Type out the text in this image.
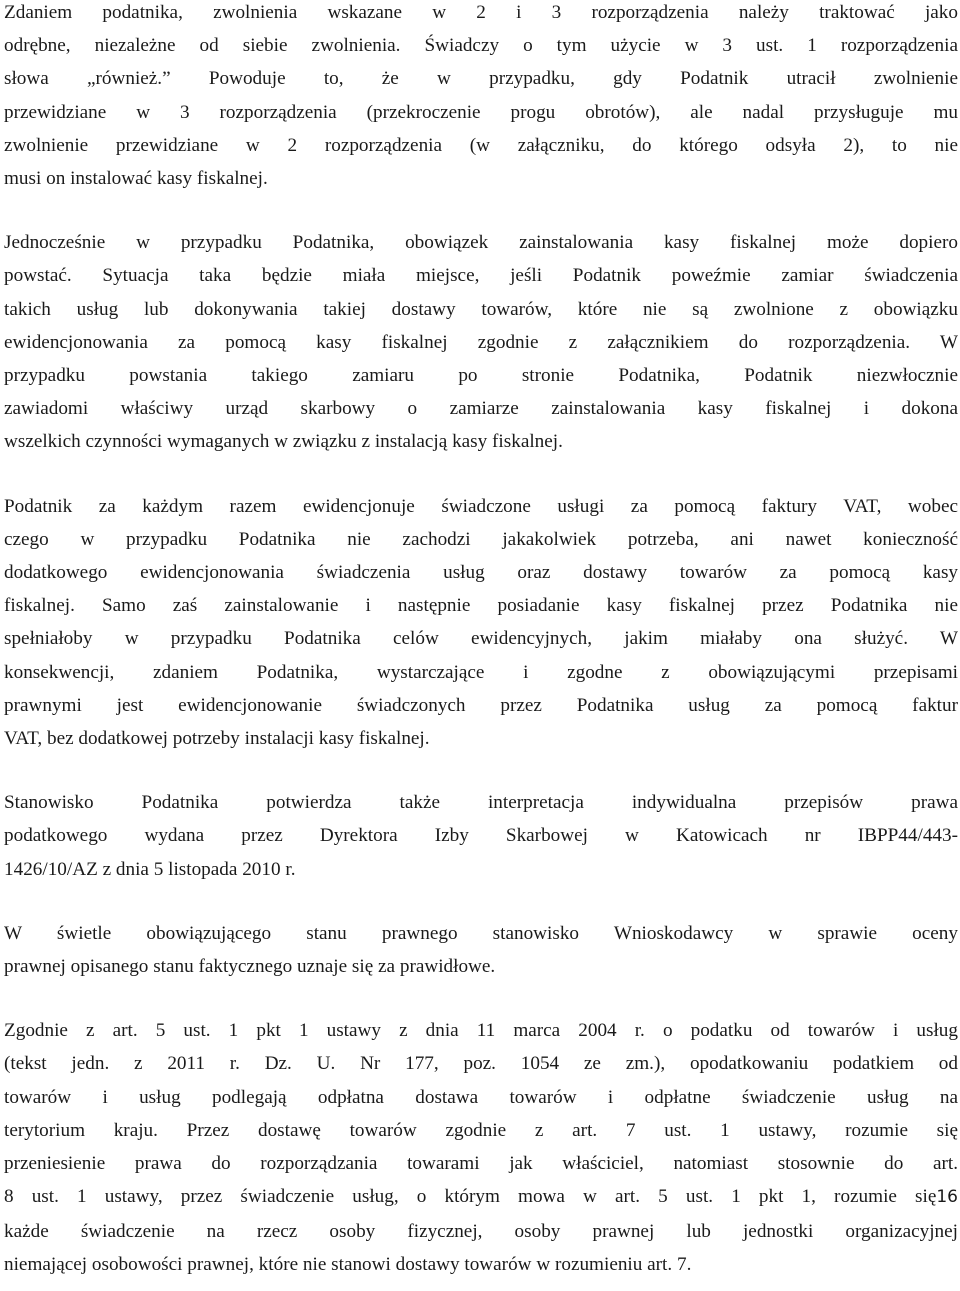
Zdaniem podatnika, zwolnienia wskazane w 2 i 3 rozporządzenia należy traktować jako
odrębne, niezależne od siebie zwolnienia. Świadczy o tym użycie w 3 ust. 1 rozporządzenia
słowa „również.” Powoduje to, że w przypadku, gdy Podatnik utracił zwolnienie
przewidziane w 3 rozporządzenia (przekroczenie progu obrotów), ale nadal przysługuje mu
zwolnienie przewidziane w 2 rozporządzenia (w załączniku, do którego odsyła 2), to nie
musi on instalować kasy fiskalnej.

Jednocześnie w przypadku Podatnika, obowiązek zainstalowania kasy fiskalnej może dopiero
powstać. Sytuacja taka będzie miała miejsce, jeśli Podatnik poweźmie zamiar świadczenia
takich usług lub dokonywania takiej dostawy towarów, które nie są zwolnione z obowiązku
ewidencjonowania za pomocą kasy fiskalnej zgodnie z załącznikiem do rozporządzenia. W
przypadku powstania takiego zamiaru po stronie Podatnika, Podatnik niezwłocznie
zawiadomi właściwy urząd skarbowy o zamiarze zainstalowania kasy fiskalnej i dokona
wszelkich czynności wymaganych w związku z instalacją kasy fiskalnej.

Podatnik za każdym razem ewidencjonuje świadczone usługi za pomocą faktury VAT, wobec
czego w przypadku Podatnika nie zachodzi jakakolwiek potrzeba, ani nawet konieczność
dodatkowego ewidencjonowania świadczenia usług oraz dostawy towarów za pomocą kasy
fiskalnej. Samo zaś zainstalowanie i następnie posiadanie kasy fiskalnej przez Podatnika nie
spełniałoby w przypadku Podatnika celów ewidencyjnych, jakim miałaby ona służyć. W
konsekwencji, zdaniem Podatnika, wystarczające i zgodne z obowiązującymi przepisami
prawnymi jest ewidencjonowanie świadczonych przez Podatnika usług za pomocą faktur
VAT, bez dodatkowej potrzeby instalacji kasy fiskalnej.

Stanowisko Podatnika potwierdza także interpretacja indywidualna przepisów prawa
podatkowego wydana przez Dyrektora Izby Skarbowej w Katowicach nr IBPP44/443-
1426/10/AZ z dnia 5 listopada 2010 r.

W świetle obowiązującego stanu prawnego stanowisko Wnioskodawcy w sprawie oceny
prawnej opisanego stanu faktycznego uznaje się za prawidłowe.

Zgodnie z art. 5 ust. 1 pkt 1 ustawy z dnia 11 marca 2004 r. o podatku od towarów i usług
(tekst jedn. z 2011 r. Dz. U. Nr 177, poz. 1054 ze zm.), opodatkowaniu podatkiem od
towarów i usług podlegają odpłatna dostawa towarów i odpłatne świadczenie usług na
terytorium kraju. Przez dostawę towarów zgodnie z art. 7 ust. 1 ustawy, rozumie się
przeniesienie prawa do rozporządzania towarami jak właściciel, natomiast stosownie do art.
8 ust. 1 ustawy, przez świadczenie usług, o którym mowa w art. 5 ust. 1 pkt 1, rozumie się16
każde świadczenie na rzecz osoby fizycznej, osoby prawnej lub jednostki organizacyjnej
niemającej osobowości prawnej, które nie stanowi dostawy towarów w rozumieniu art. 7.
